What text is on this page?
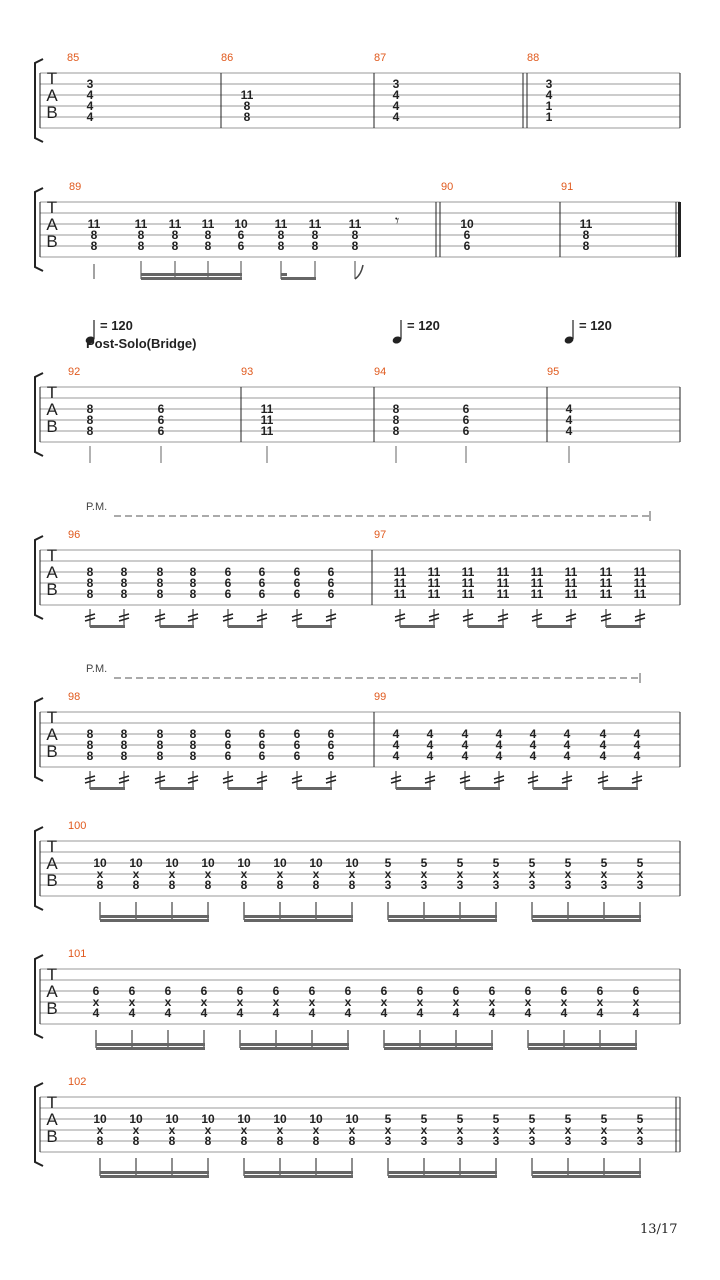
T
A
B
85
3
4
4
4
86
11
8
8
87
3
4
4
4
88
3
4
1
1
T
A
B
89
11
8
8
11
8
8
11
8
8
11
8
8
10
6
6
11
8
8
11
8
8
11
8
8
90
10
6
6
91
11
8
8
𝄾
T
A
B
92
8
8
8
6
6
6
93
11
11
11
94
8
8
8
6
6
6
95
4
4
4
T
A
B
96
8
8
8
8
8
8
8
8
8
8
8
8
6
6
6
6
6
6
6
6
6
6
6
6
97
11
11
11
11
11
11
11
11
11
11
11
11
11
11
11
11
11
11
11
11
11
11
11
11
T
A
B
98
8
8
8
8
8
8
8
8
8
8
8
8
6
6
6
6
6
6
6
6
6
6
6
6
99
4
4
4
4
4
4
4
4
4
4
4
4
4
4
4
4
4
4
4
4
4
4
4
4
T
A
B
100
10
x
8
10
x
8
10
x
8
10
x
8
10
x
8
10
x
8
10
x
8
10
x
8
5
x
3
5
x
3
5
x
3
5
x
3
5
x
3
5
x
3
5
x
3
5
x
3
T
A
B
101
6
x
4
6
x
4
6
x
4
6
x
4
6
x
4
6
x
4
6
x
4
6
x
4
6
x
4
6
x
4
6
x
4
6
x
4
6
x
4
6
x
4
6
x
4
6
x
4
T
A
B
102
10
x
8
10
x
8
10
x
8
10
x
8
10
x
8
10
x
8
10
x
8
10
x
8
5
x
3
5
x
3
5
x
3
5
x
3
5
x
3
5
x
3
5
x
3
5
x
3
= 120	= 120	= 120
Post-Solo(Bridge)
P.M.
P.M.
13/17
